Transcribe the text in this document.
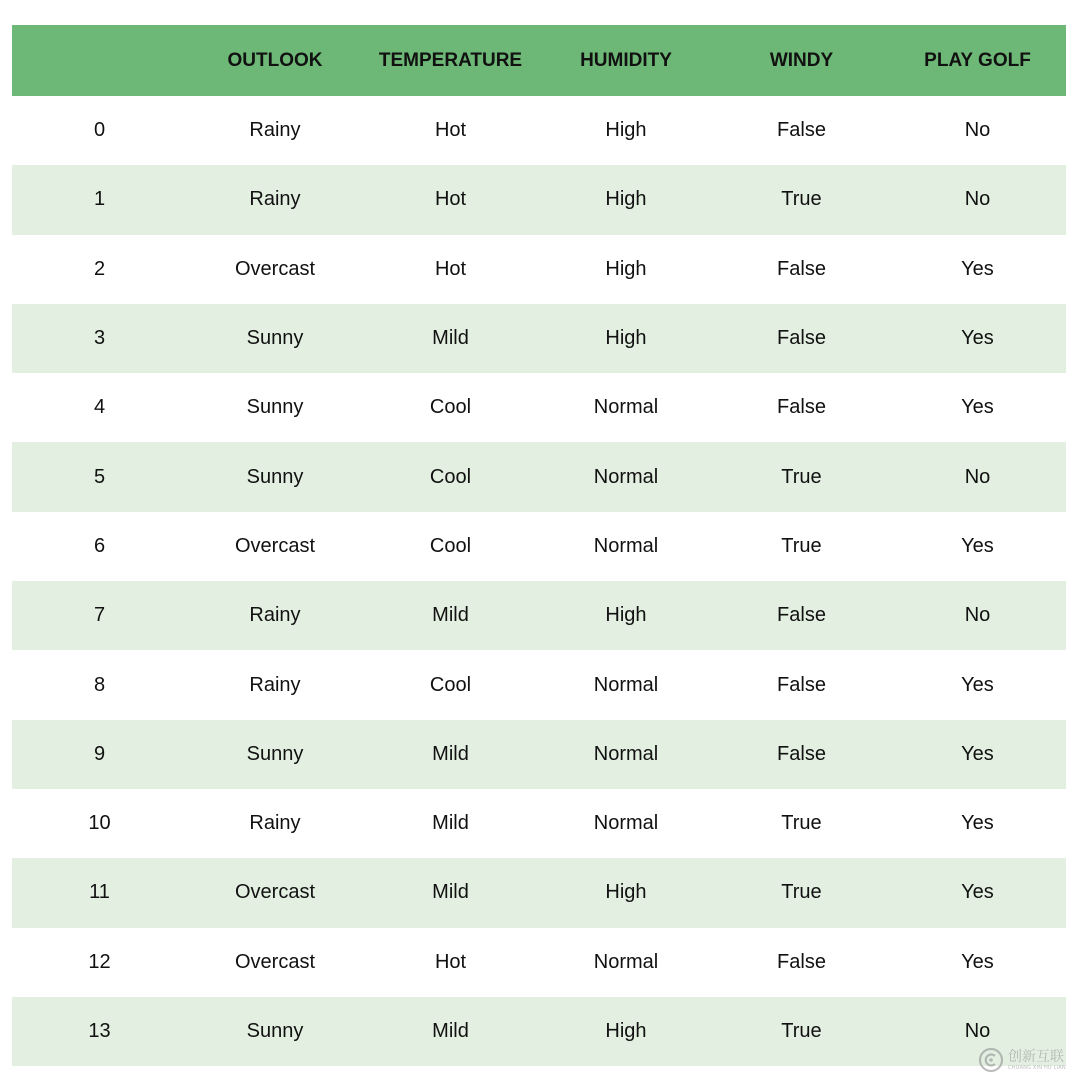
	OUTLOOK	TEMPERATURE	HUMIDITY	WINDY	PLAY GOLF
0	Rainy	Hot	High	False	No
1	Rainy	Hot	High	True	No
2	Overcast	Hot	High	False	Yes
3	Sunny	Mild	High	False	Yes
4	Sunny	Cool	Normal	False	Yes
5	Sunny	Cool	Normal	True	No
6	Overcast	Cool	Normal	True	Yes
7	Rainy	Mild	High	False	No
8	Rainy	Cool	Normal	False	Yes
9	Sunny	Mild	Normal	False	Yes
10	Rainy	Mild	Normal	True	Yes
11	Overcast	Mild	High	True	Yes
12	Overcast	Hot	Normal	False	Yes
13	Sunny	Mild	High	True	No
创新互联
CHUANG XIN HU LIAN
